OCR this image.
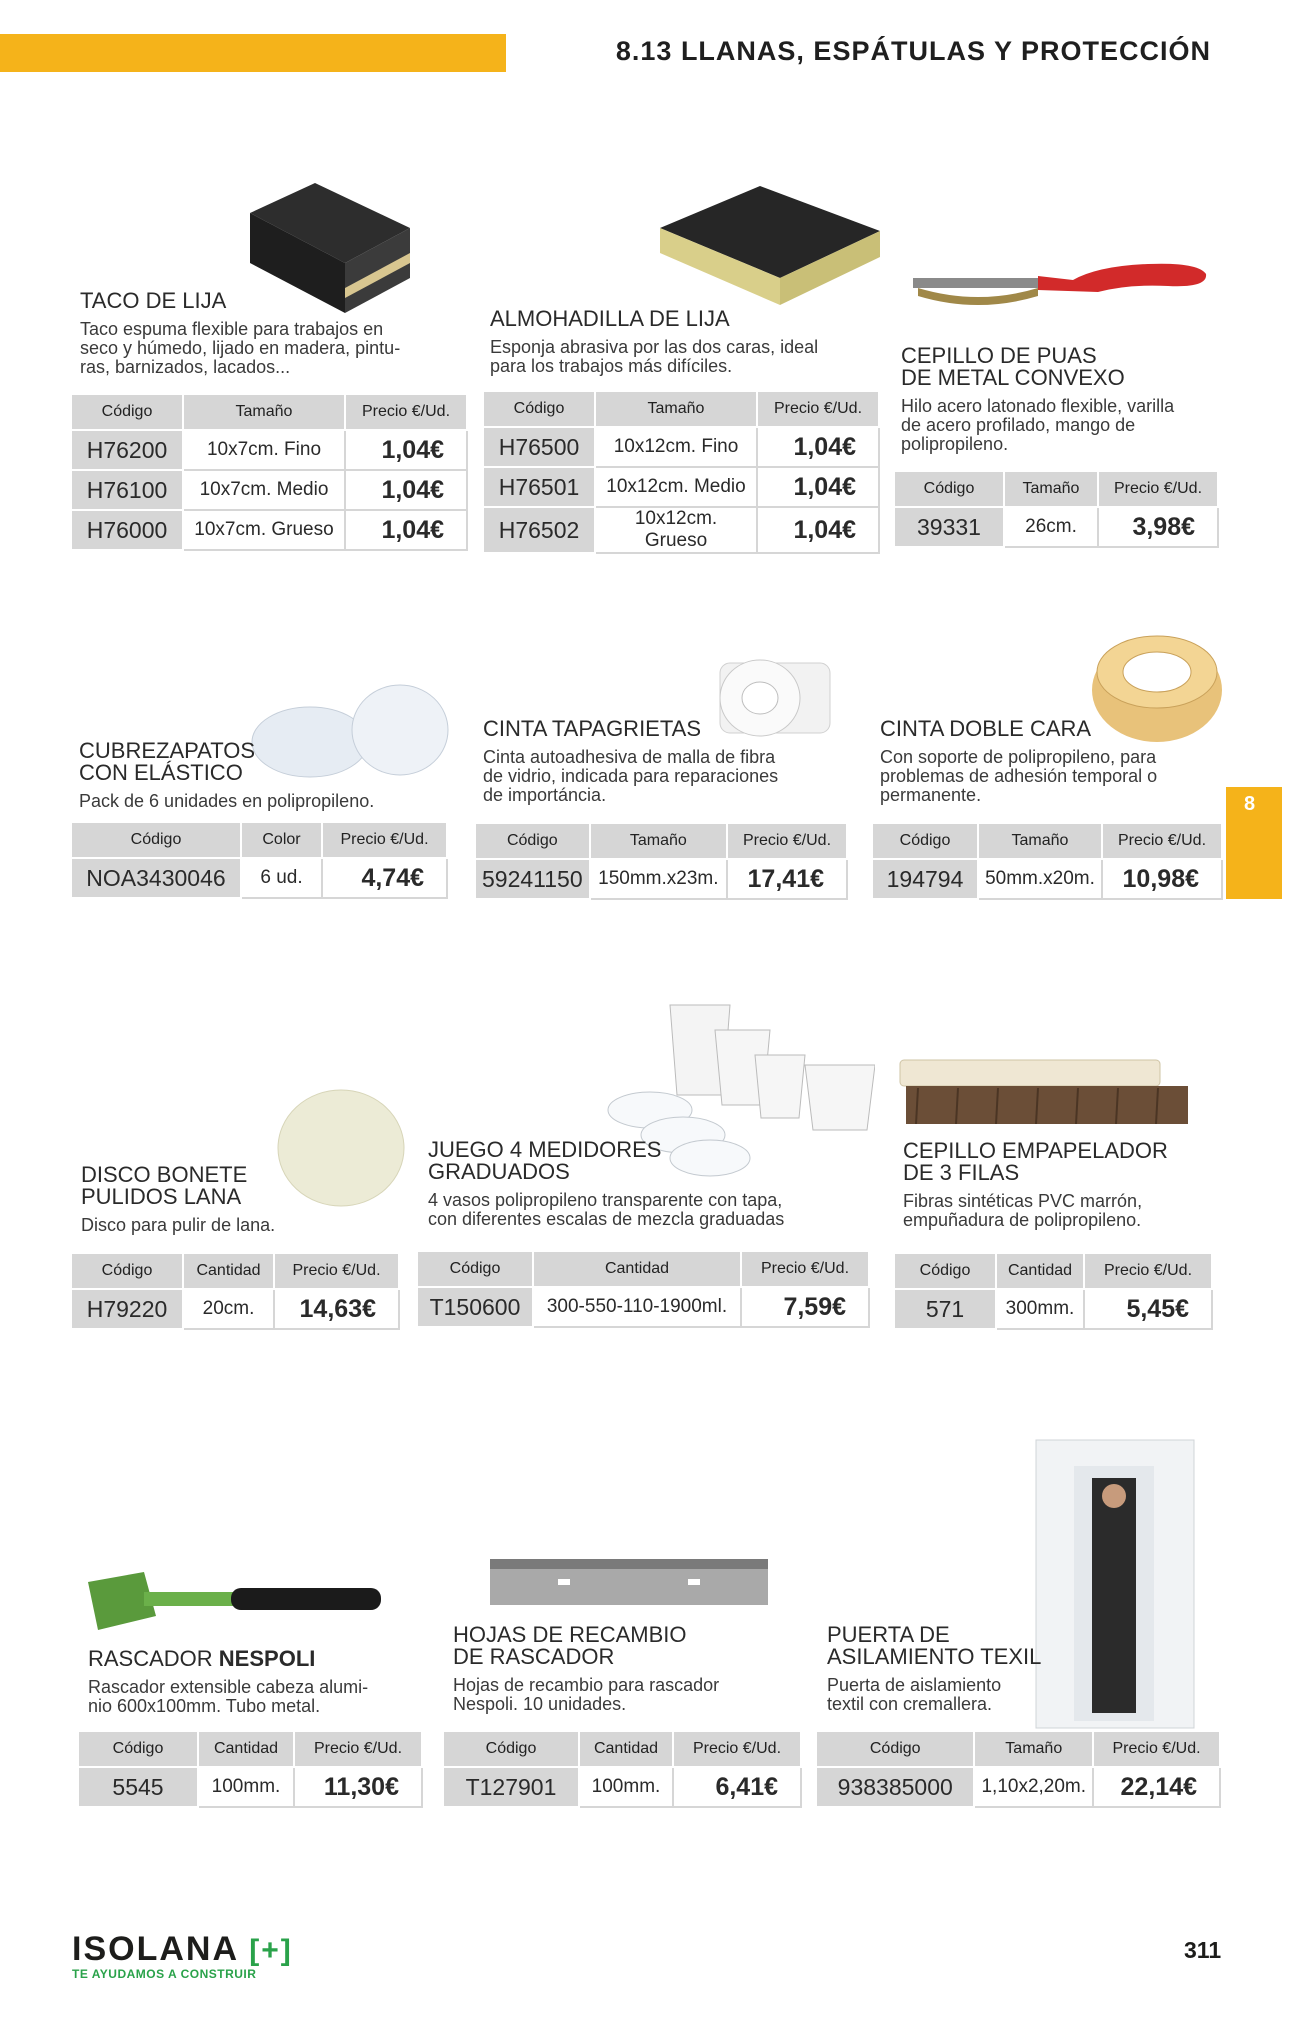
8.13 LLANAS, ESPÁTULAS Y PROTECCIÓN
8
TACO DE LIJA
Taco espuma flexible para trabajos en
seco y húmedo, lijado en madera, pintu-
ras, barnizados, lacados...
Código	Tamaño	Precio €/Ud.
H76200	10x7cm. Fino	1,04€
H76100	10x7cm. Medio	1,04€
H76000	10x7cm. Grueso	1,04€
ALMOHADILLA DE LIJA
Esponja abrasiva por las dos caras, ideal
para los trabajos más difíciles.
Código	Tamaño	Precio €/Ud.
H76500	10x12cm. Fino	1,04€
H76501	10x12cm. Medio	1,04€
H76502	10x12cm. Grueso	1,04€
CEPILLO DE PUAS
DE METAL CONVEXO
Hilo acero latonado flexible, varilla
de acero profilado, mango de
polipropileno.
Código	Tamaño	Precio €/Ud.
39331	26cm.	3,98€
CUBREZAPATOS
CON ELÁSTICO
Pack de 6 unidades en polipropileno.
Código	Color	Precio €/Ud.
NOA3430046	6 ud.	4,74€
CINTA TAPAGRIETAS
Cinta autoadhesiva de malla de fibra
de vidrio, indicada para reparaciones
de importáncia.
Código	Tamaño	Precio €/Ud.
59241150	150mm.x23m.	17,41€
CINTA DOBLE CARA
Con soporte de polipropileno, para
problemas de adhesión temporal o
permanente.
Código	Tamaño	Precio €/Ud.
194794	50mm.x20m.	10,98€
DISCO BONETE
PULIDOS LANA
Disco para pulir de lana.
Código	Cantidad	Precio €/Ud.
H79220	20cm.	14,63€
JUEGO 4 MEDIDORES
GRADUADOS
4 vasos polipropileno transparente con tapa,
con diferentes escalas de mezcla graduadas
Código	Cantidad	Precio €/Ud.
T150600	300-550-110-1900ml.	7,59€
CEPILLO EMPAPELADOR
DE 3 FILAS
Fibras sintéticas PVC marrón,
empuñadura de polipropileno.
Código	Cantidad	Precio €/Ud.
571	300mm.	5,45€
RASCADOR NESPOLI
Rascador extensible cabeza alumi-
nio 600x100mm. Tubo metal.
Código	Cantidad	Precio €/Ud.
5545	100mm.	11,30€
HOJAS DE RECAMBIO
DE RASCADOR
Hojas de recambio para rascador
Nespoli. 10 unidades.
Código	Cantidad	Precio €/Ud.
T127901	100mm.	6,41€
PUERTA DE
ASILAMIENTO TEXIL
Puerta de aislamiento
textil con cremallera.
Código	Tamaño	Precio €/Ud.
938385000	1,10x2,20m.	22,14€
ISOLANA [+]
TE AYUDAMOS A CONSTRUIR
311
